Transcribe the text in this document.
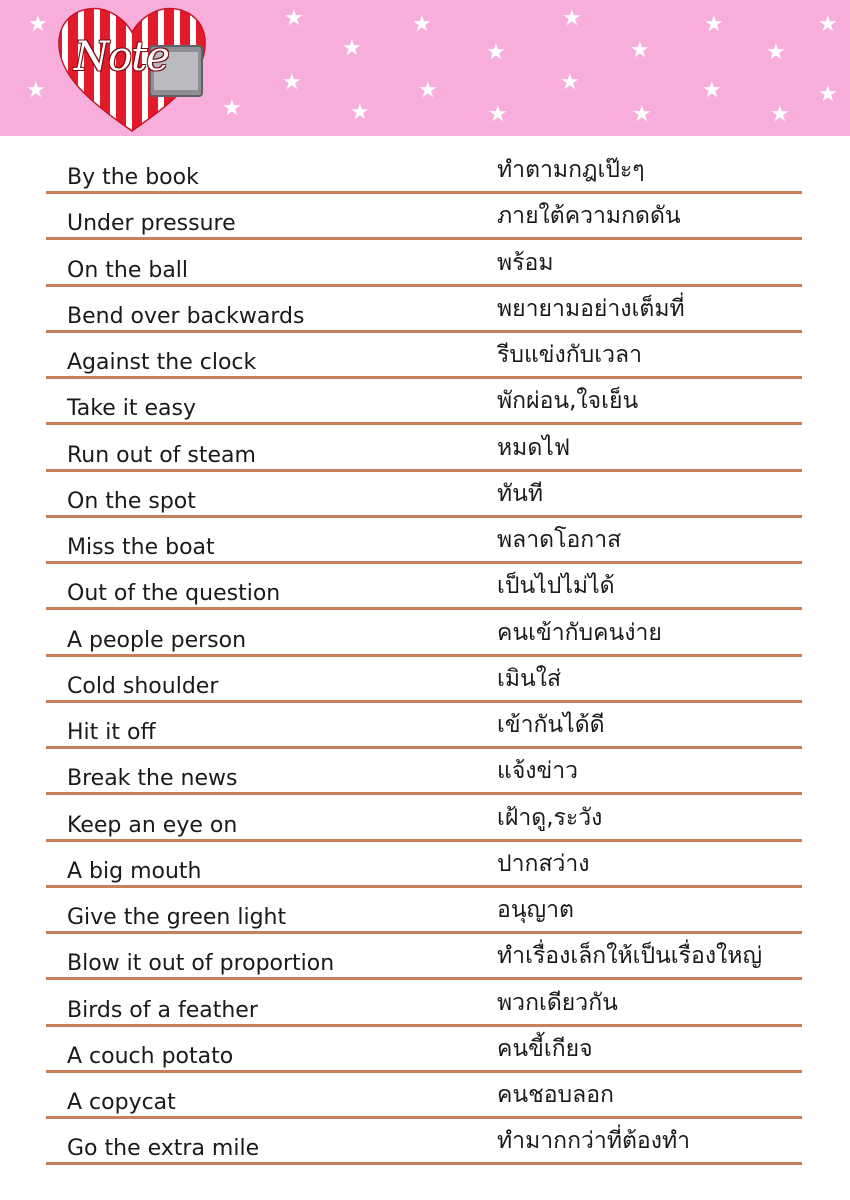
★
★
★
★
★
★
★
★
★
★
★
★
★
★
★
★
★
★
★
★
★
Note
By the book	ทำตามกฎเป๊ะๆ
Under pressure	ภายใต้ความกดดัน
On the ball	พร้อม
Bend over backwards	พยายามอย่างเต็มที่
Against the clock	รีบแข่งกับเวลา
Take it easy	พักผ่อน,ใจเย็น
Run out of steam	หมดไฟ
On the spot	ทันที
Miss the boat	พลาดโอกาส
Out of the question	เป็นไปไม่ได้
A people person	คนเข้ากับคนง่าย
Cold shoulder	เมินใส่
Hit it off	เข้ากันได้ดี
Break the news	แจ้งข่าว
Keep an eye on	เฝ้าดู,ระวัง
A big mouth	ปากสว่าง
Give the green light	อนุญาต
Blow it out of proportion	ทำเรื่องเล็กให้เป็นเรื่องใหญ่
Birds of a feather	พวกเดียวกัน
A couch potato	คนขี้เกียจ
A copycat	คนชอบลอก
Go the extra mile	ทำมากกว่าที่ต้องทำ
